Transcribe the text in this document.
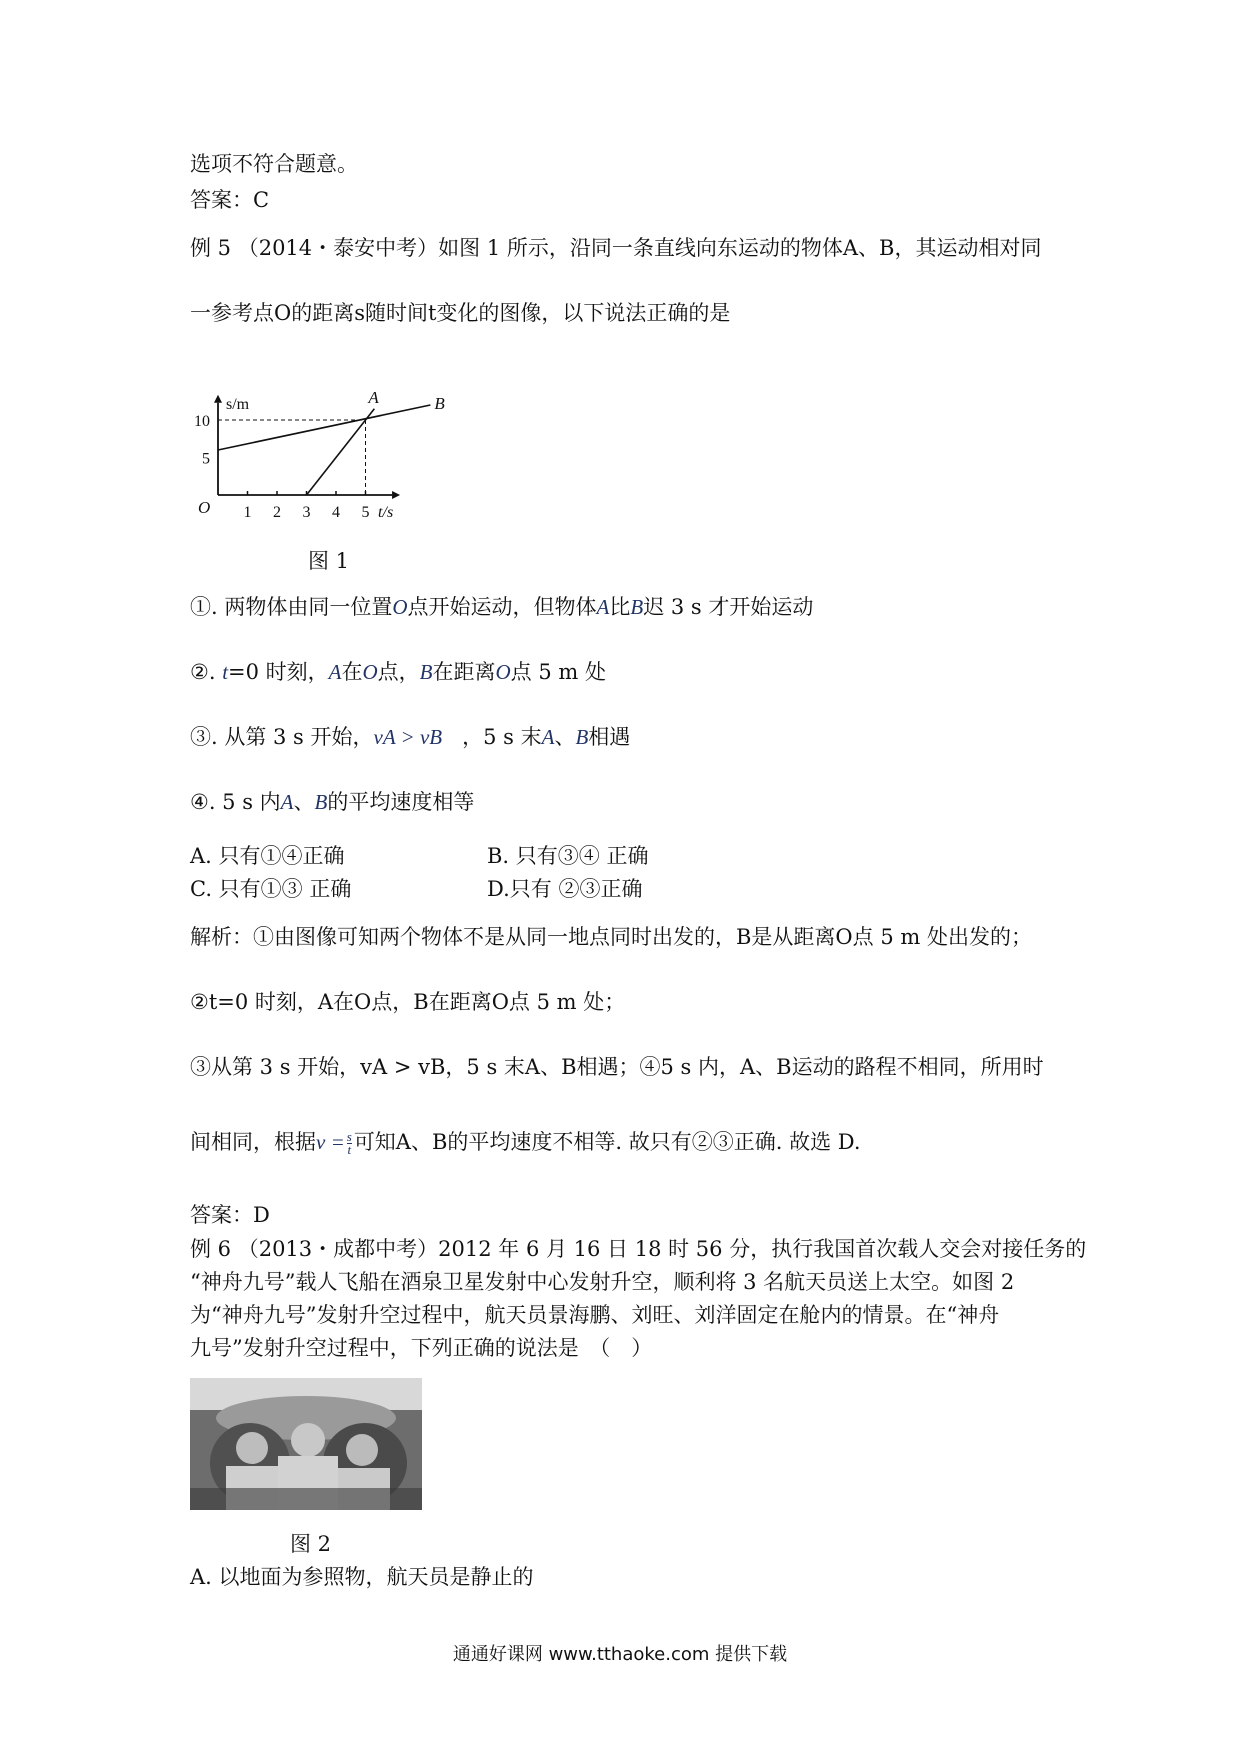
选项不符合题意。
答案：C
例 5 （2014・泰安中考）如图 1 所示，沿同一条直线向东运动的物体A、B，其运动相对同
一参考点O的距离s随时间t变化的图像，以下说法正确的是
1 2 3 4 5
5
10
s/m
t/s
O
A	B
图 1
①. 两物体由同一位置O点开始运动，但物体A比B迟 3 s 才开始运动
②. t=0 时刻，A在O点，B在距离O点 5 m 处
③. 从第 3 s 开始，vA > vB ，5 s 末A、B相遇
④. 5 s 内A、B的平均速度相等
A. 只有①④正确	B. 只有③④ 正确
C. 只有①③ 正确	D.只有 ②③正确
解析：①由图像可知两个物体不是从同一地点同时出发的，B是从距离O点 5 m 处出发的；
②t=0 时刻，A在O点，B在距离O点 5 m 处；
③从第 3 s 开始，vA > vB，5 s 末A、B相遇；④5 s 内，A、B运动的路程不相同，所用时
间相同，根据$v = \frac{s}{t}$ 可知A、B的平均速度不相等. 故只有②③正确. 故选 D.
答案：D
例 6 （2013・成都中考）2012 年 6 月 16 日 18 时 56 分，执行我国首次载人交会对接任务的
“神舟九号”载人飞船在酒泉卫星发射中心发射升空，顺利将 3 名航天员送上太空。如图 2
为“神舟九号”发射升空过程中，航天员景海鹏、刘旺、刘洋固定在舱内的情景。在“神舟
九号”发射升空过程中，下列正确的说法是　（　）
图 2
A. 以地面为参照物，航天员是静止的
通通好课网 www.tthaoke.com 提供下载
